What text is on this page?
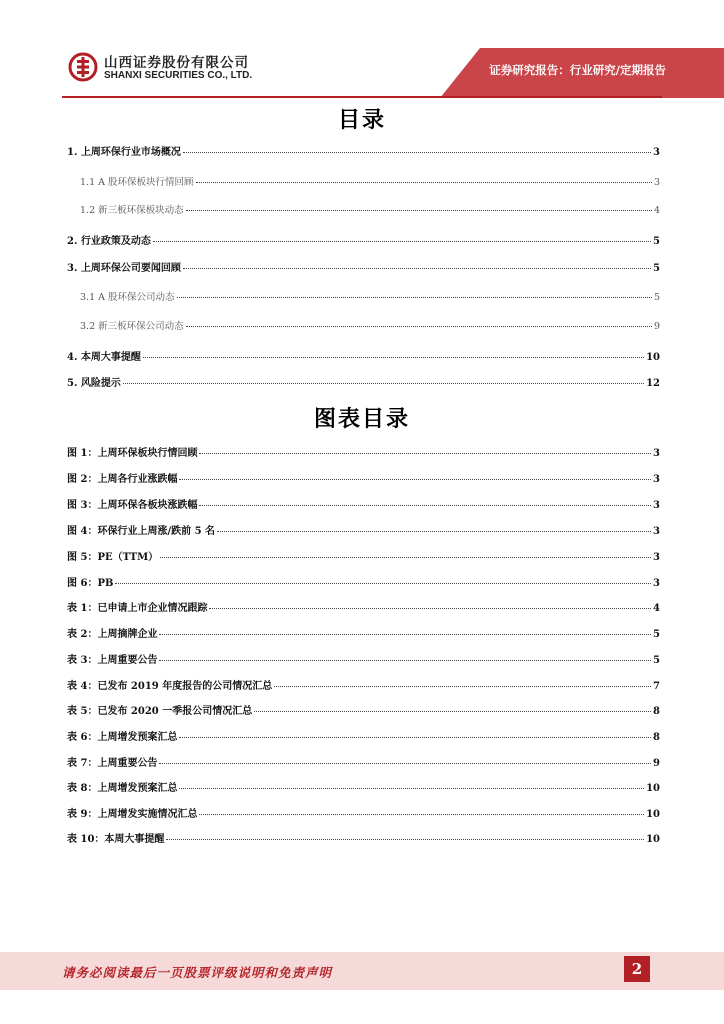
山西证券股份有限公司
SHANXI SECURITIES CO., LTD.	证券研究报告：行业研究/定期报告
目录
1. 上周环保行业市场概况	3
1.1 A 股环保板块行情回顾	3
1.2 新三板环保板块动态	4
2. 行业政策及动态	5
3. 上周环保公司要闻回顾	5
3.1 A 股环保公司动态	5
3.2 新三板环保公司动态	9
4. 本周大事提醒	10
5. 风险提示	12
图表目录
图 1：上周环保板块行情回顾	3
图 2：上周各行业涨跌幅	3
图 3：上周环保各板块涨跌幅	3
图 4：环保行业上周涨/跌前 5 名	3
图 5：PE（TTM）	3
图 6：PB	3
表 1：已申请上市企业情况跟踪	4
表 2：上周摘牌企业	5
表 3：上周重要公告	5
表 4：已发布 2019 年度报告的公司情况汇总	7
表 5：已发布 2020 一季报公司情况汇总	8
表 6：上周增发预案汇总	8
表 7：上周重要公告	9
表 8：上周增发预案汇总	10
表 9：上周增发实施情况汇总	10
表 10：本周大事提醒	10
请务必阅读最后一页股票评级说明和免责声明	2
